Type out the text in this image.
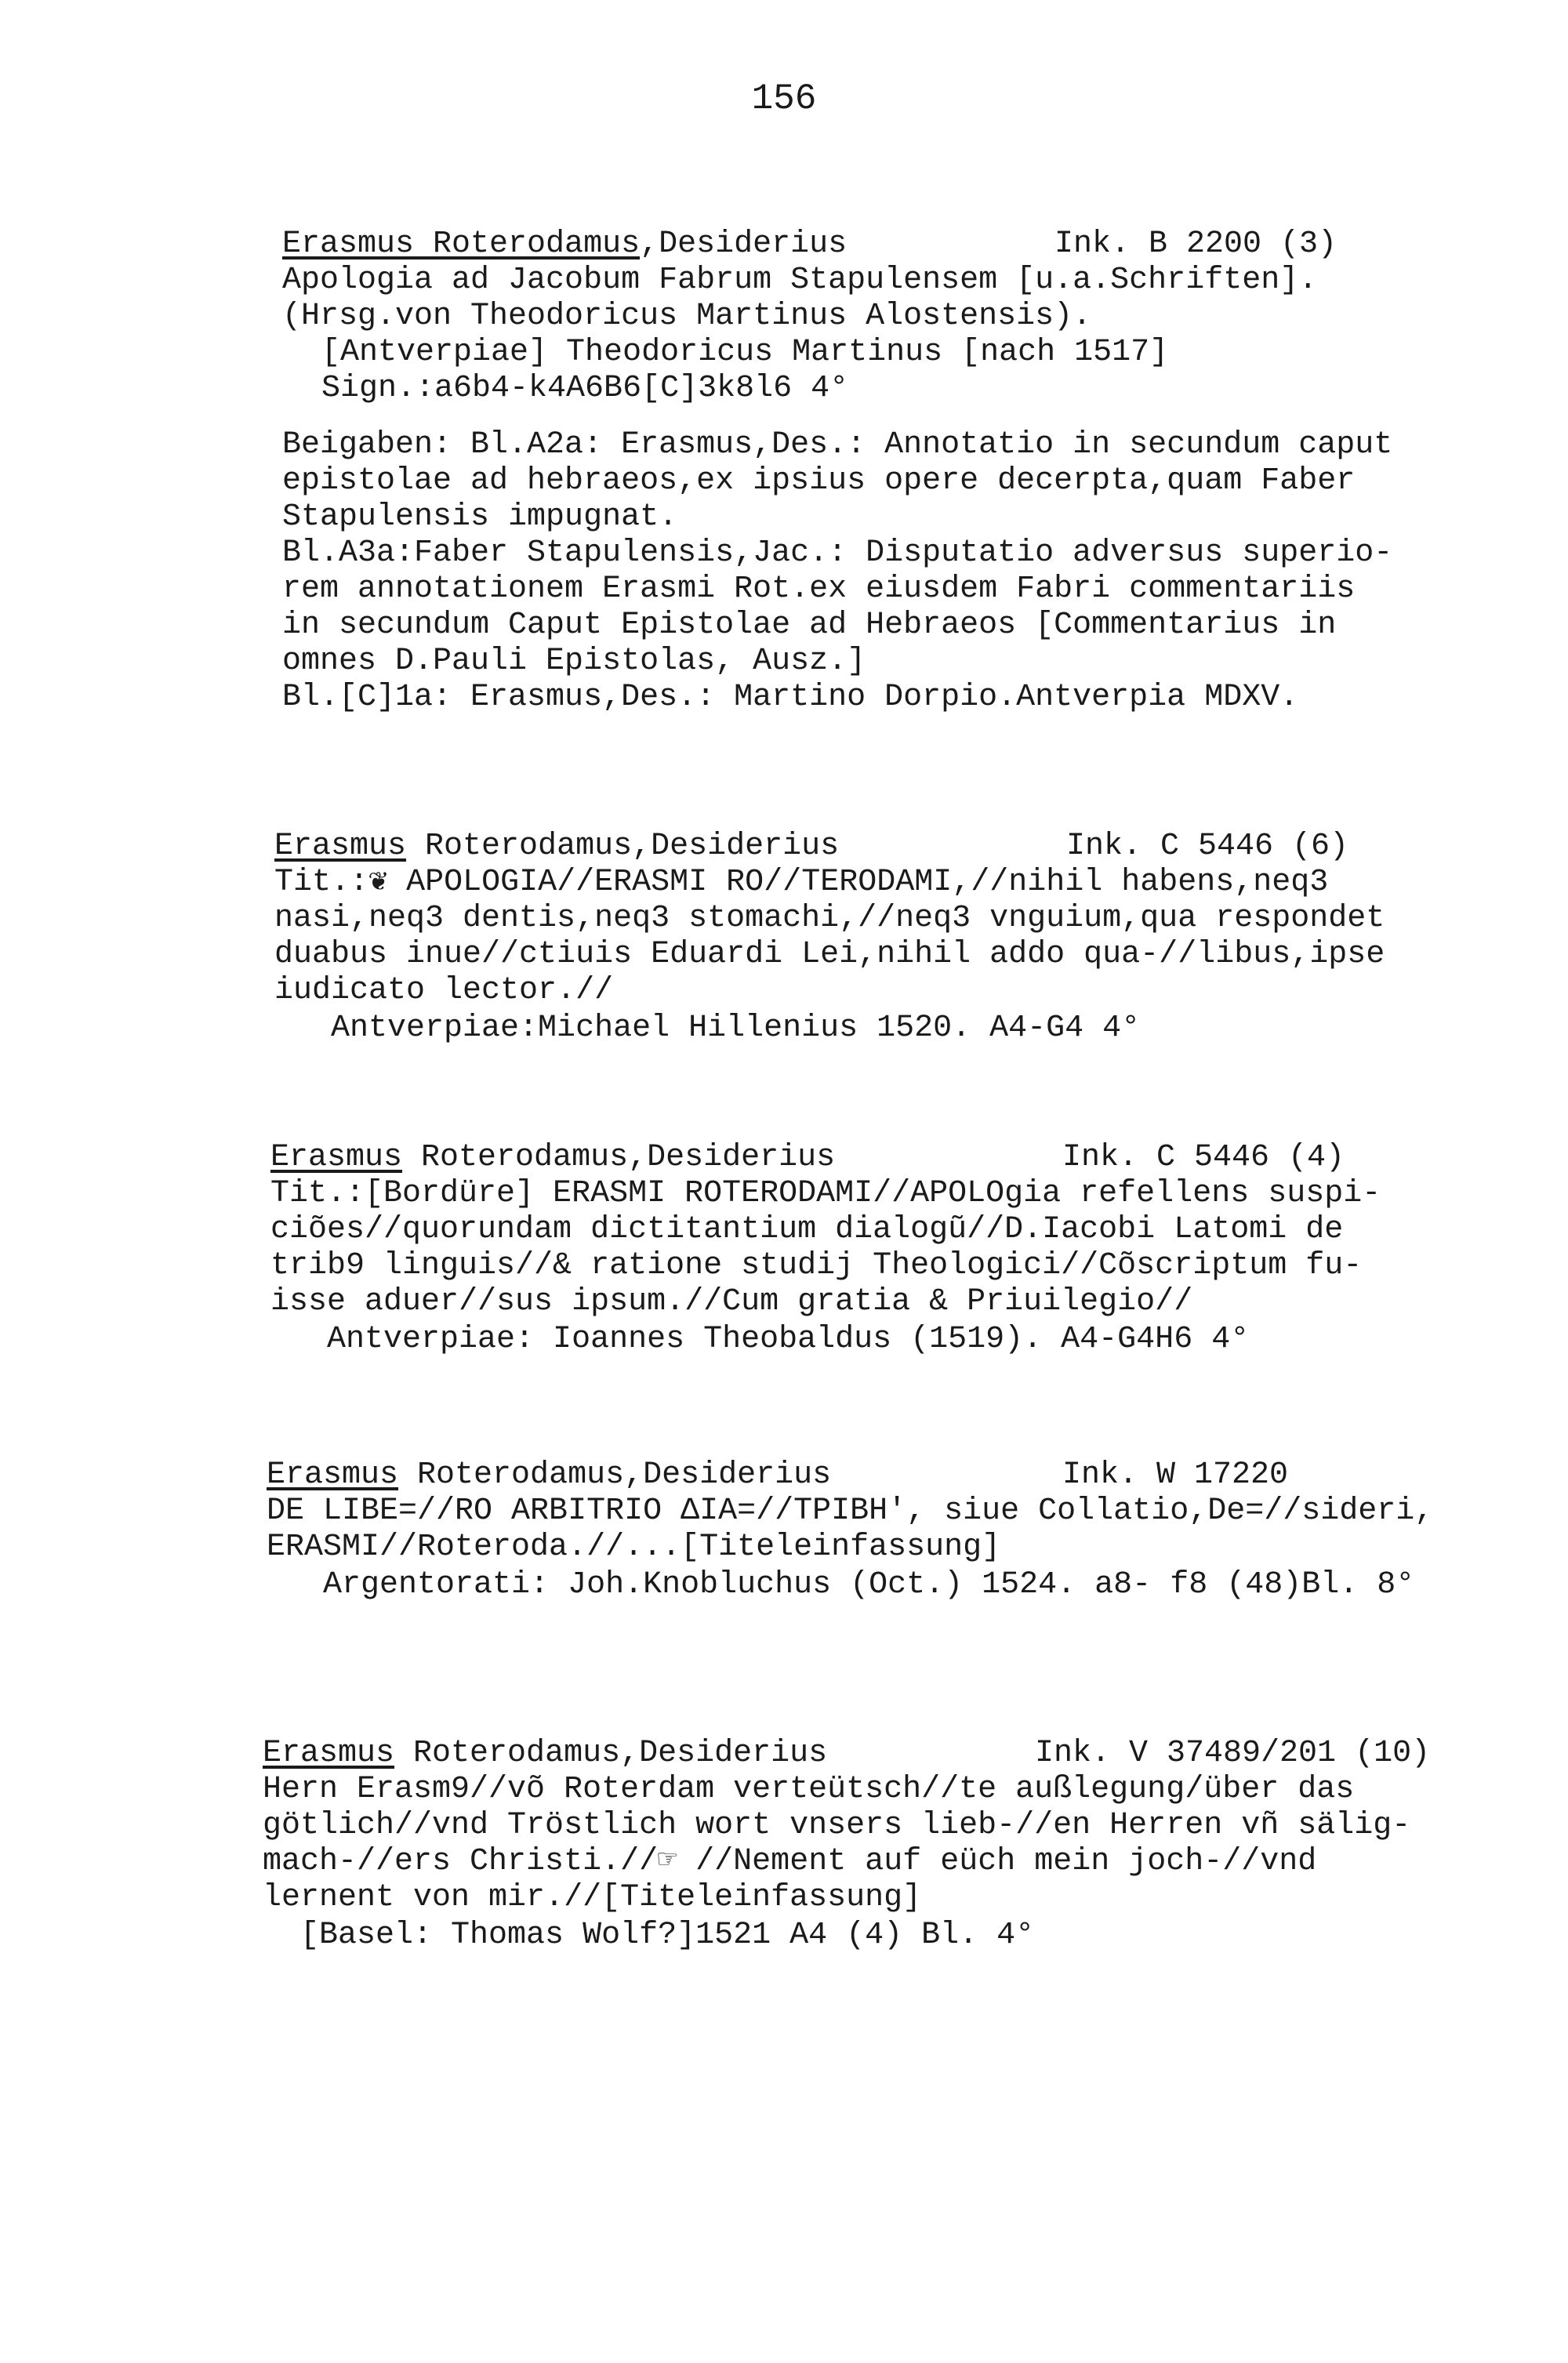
156
Erasmus Roterodamus,Desiderius	Ink. B 2200 (3)
Apologia ad Jacobum Fabrum Stapulensem [u.a.Schriften].
(Hrsg.von Theodoricus Martinus Alostensis).
[Antverpiae] Theodoricus Martinus [nach 1517]
Sign.:a6b4-k4A6B6[C]3k8l6 4°
Beigaben: Bl.A2a: Erasmus,Des.: Annotatio in secundum caput
epistolae ad hebraeos,ex ipsius opere decerpta,quam Faber
Stapulensis impugnat.
Bl.A3a:Faber Stapulensis,Jac.: Disputatio adversus superio-
rem annotationem Erasmi Rot.ex eiusdem Fabri commentariis
in secundum Caput Epistolae ad Hebraeos [Commentarius in
omnes D.Pauli Epistolas, Ausz.]
Bl.[C]1a: Erasmus,Des.: Martino Dorpio.Antverpia MDXV.
Erasmus Roterodamus,Desiderius	Ink. C 5446 (6)
Tit.:❦ APOLOGIA//ERASMI RO//TERODAMI,//nihil habens,neq3
nasi,neq3 dentis,neq3 stomachi,//neq3 vnguium,qua respondet
duabus inue//ctiuis Eduardi Lei,nihil addo qua-//libus,ipse
iudicato lector.//
Antverpiae:Michael Hillenius 1520. A4-G4 4°
Erasmus Roterodamus,Desiderius	Ink. C 5446 (4)
Tit.:[Bordüre] ERASMI ROTERODAMI//APOLOgia refellens suspi-
ciões//quorundam dictitantium dialogũ//D.Iacobi Latomi de
trib9 linguis//& ratione studij Theologici//Cõscriptum fu-
isse aduer//sus ipsum.//Cum gratia & Priuilegio//
Antverpiae: Ioannes Theobaldus (1519). A4-G4H6 4°
Erasmus Roterodamus,Desiderius	Ink. W 17220
DE LIBE=//RO ARBITRIO ΔIA=//TPIBH', siue Collatio,De=//sideri,
ERASMI//Roteroda.//...[Titeleinfassung]
Argentorati: Joh.Knobluchus (Oct.) 1524. a8- f8 (48)Bl. 8°
Erasmus Roterodamus,Desiderius	Ink. V 37489/201 (10)
Hern Erasm9//võ Roterdam verteütsch//te außlegung/über das
götlich//vnd Tröstlich wort vnsers lieb-//en Herren vñ sälig-
mach-//ers Christi.//☞ //Nement auf eüch mein joch-//vnd
lernent von mir.//[Titeleinfassung]
[Basel: Thomas Wolf?]1521 A4 (4) Bl. 4°
